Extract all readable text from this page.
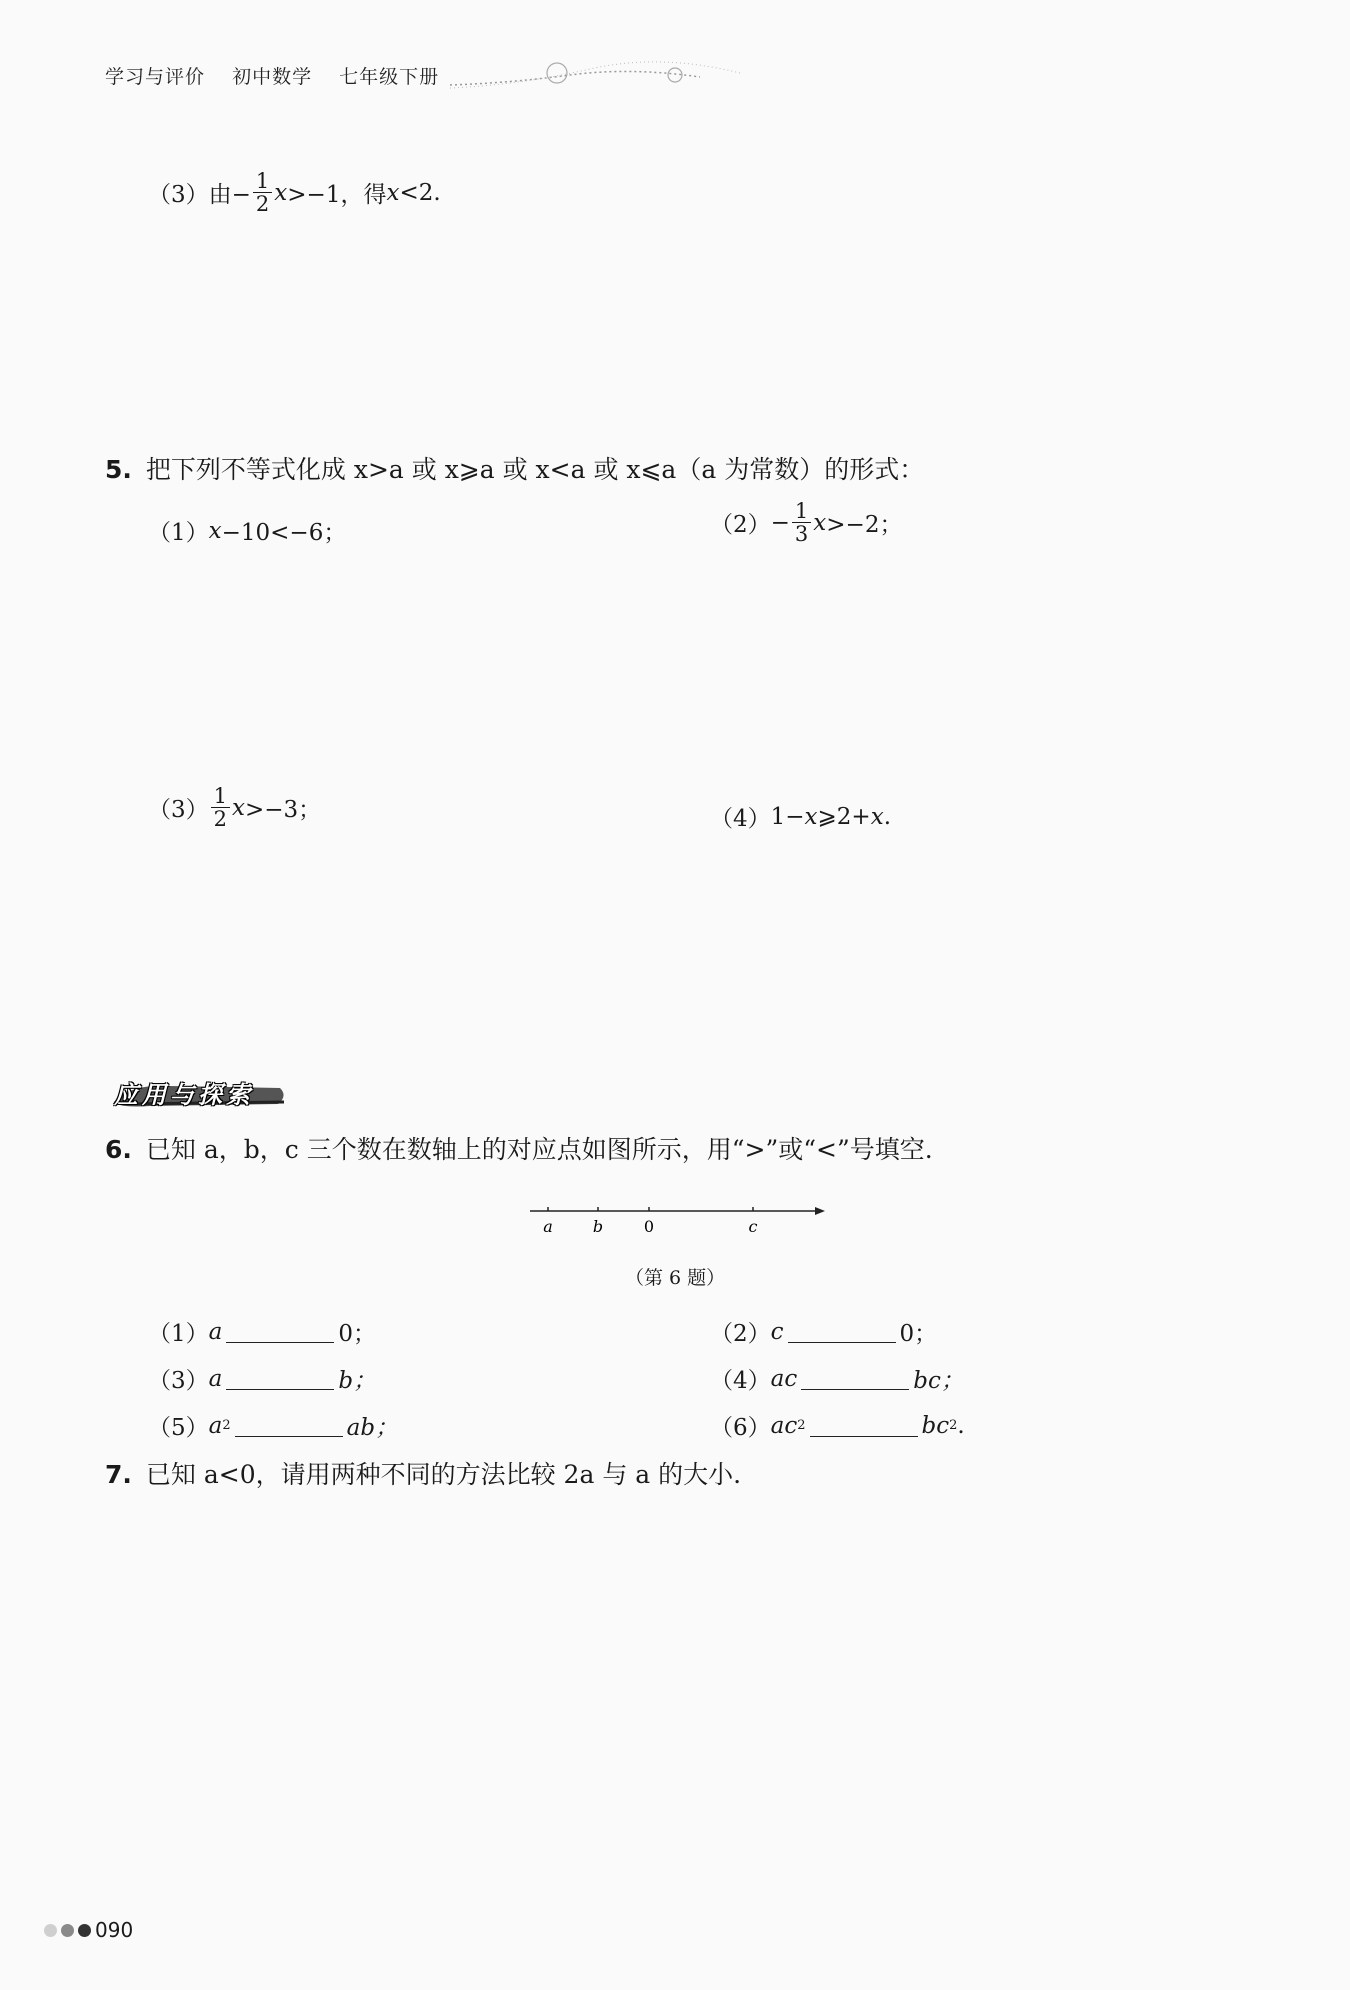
学习与评价 初中数学 七年级下册
（3） 由− $\frac{1}{2}$ x >−1，得 x <2.
5. 把下列不等式化成 x>a 或 x⩾a 或 x<a 或 x⩽a（a 为常数）的形式：
（1） x −10<−6；	$(2) - \frac{1}{3}$ x >−2；
$(3) \frac{1}{2}$ x >−3；	（4） 1− x ⩾2+ x .
应用与探索
6. 已知 a，b，c 三个数在数轴上的对应点如图所示，用“>”或“<”号填空.
a	b	0	c
（第 6 题）
（1） a	0；	（2） c	0；
（3） a	b；	（4） ac	bc；
（5） a 2	ab；	（6） ac 2	bc 2 .
7. 已知 a<0，请用两种不同的方法比较 2a 与 a 的大小.
090
